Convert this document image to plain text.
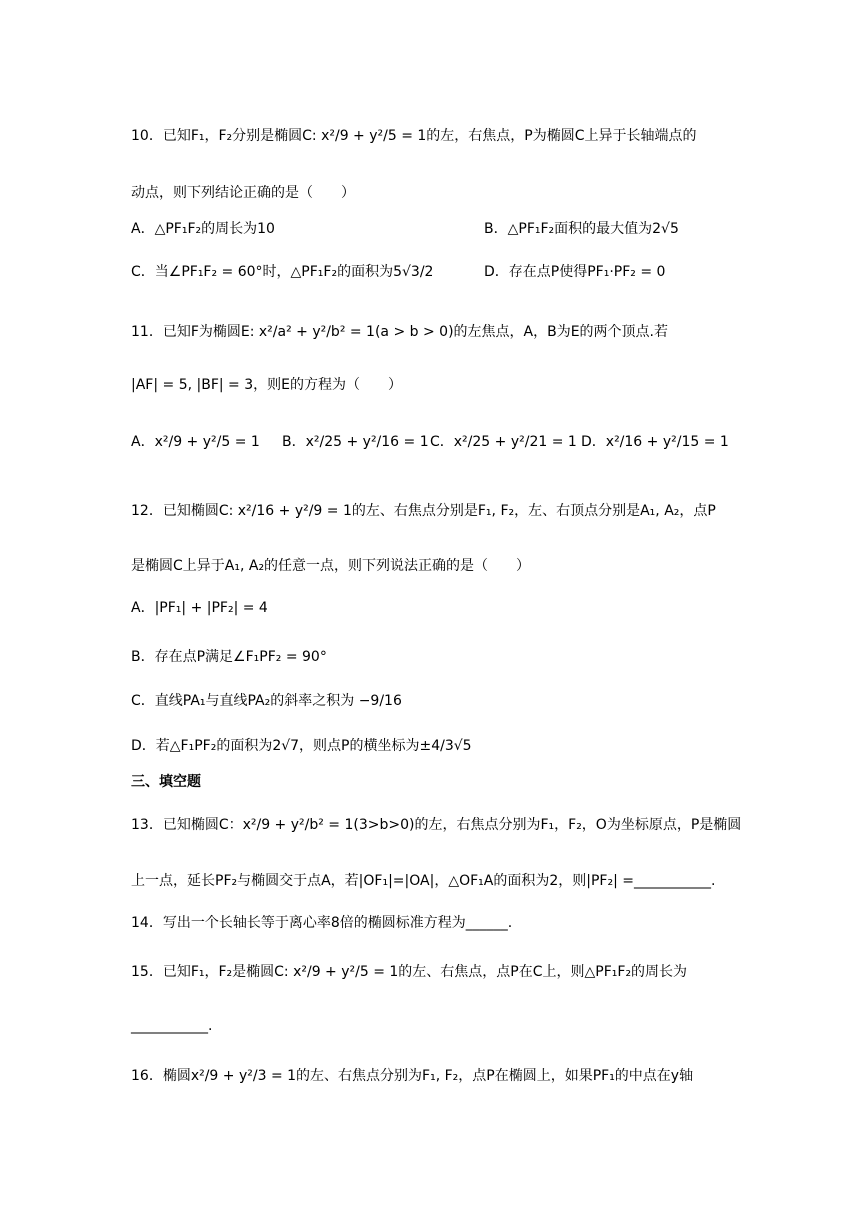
10．已知F₁，F₂分别是椭圆C: x²/9 + y²/5 = 1的左，右焦点，P为椭圆C上异于长轴端点的
动点，则下列结论正确的是（　　）
A．△PF₁F₂的周长为10	B．△PF₁F₂面积的最大值为2√5
C．当∠PF₁F₂ = 60°时，△PF₁F₂的面积为5√3/2	D．存在点P使得PF₁·PF₂ = 0
11．已知F为椭圆E: x²/a² + y²/b² = 1(a > b > 0)的左焦点，A，B为E的两个顶点.若
|AF| = 5, |BF| = 3，则E的方程为（　　）
A．x²/9 + y²/5 = 1 B．x²/25 + y²/16 = 1 C．x²/25 + y²/21 = 1 D．x²/16 + y²/15 = 1
12．已知椭圆C: x²/16 + y²/9 = 1的左、右焦点分别是F₁, F₂，左、右顶点分别是A₁, A₂，点P
是椭圆C上异于A₁, A₂的任意一点，则下列说法正确的是（　　）
A．|PF₁| + |PF₂| = 4
B．存在点P满足∠F₁PF₂ = 90°
C．直线PA₁与直线PA₂的斜率之积为 −9/16
D．若△F₁PF₂的面积为2√7，则点P的横坐标为±4/3√5
三、填空题
13．已知椭圆C：x²/9 + y²/b² = 1(3>b>0)的左，右焦点分别为F₁，F₂，O为坐标原点，P是椭圆
上一点，延长PF₂与椭圆交于点A，若|OF₁|=|OA|，△OF₁A的面积为2，则|PF₂| =___________.
14．写出一个长轴长等于离心率8倍的椭圆标准方程为______.
15．已知F₁，F₂是椭圆C: x²/9 + y²/5 = 1的左、右焦点，点P在C上，则△PF₁F₂的周长为
___________.
16．椭圆x²/9 + y²/3 = 1的左、右焦点分别为F₁, F₂，点P在椭圆上，如果PF₁的中点在y轴
